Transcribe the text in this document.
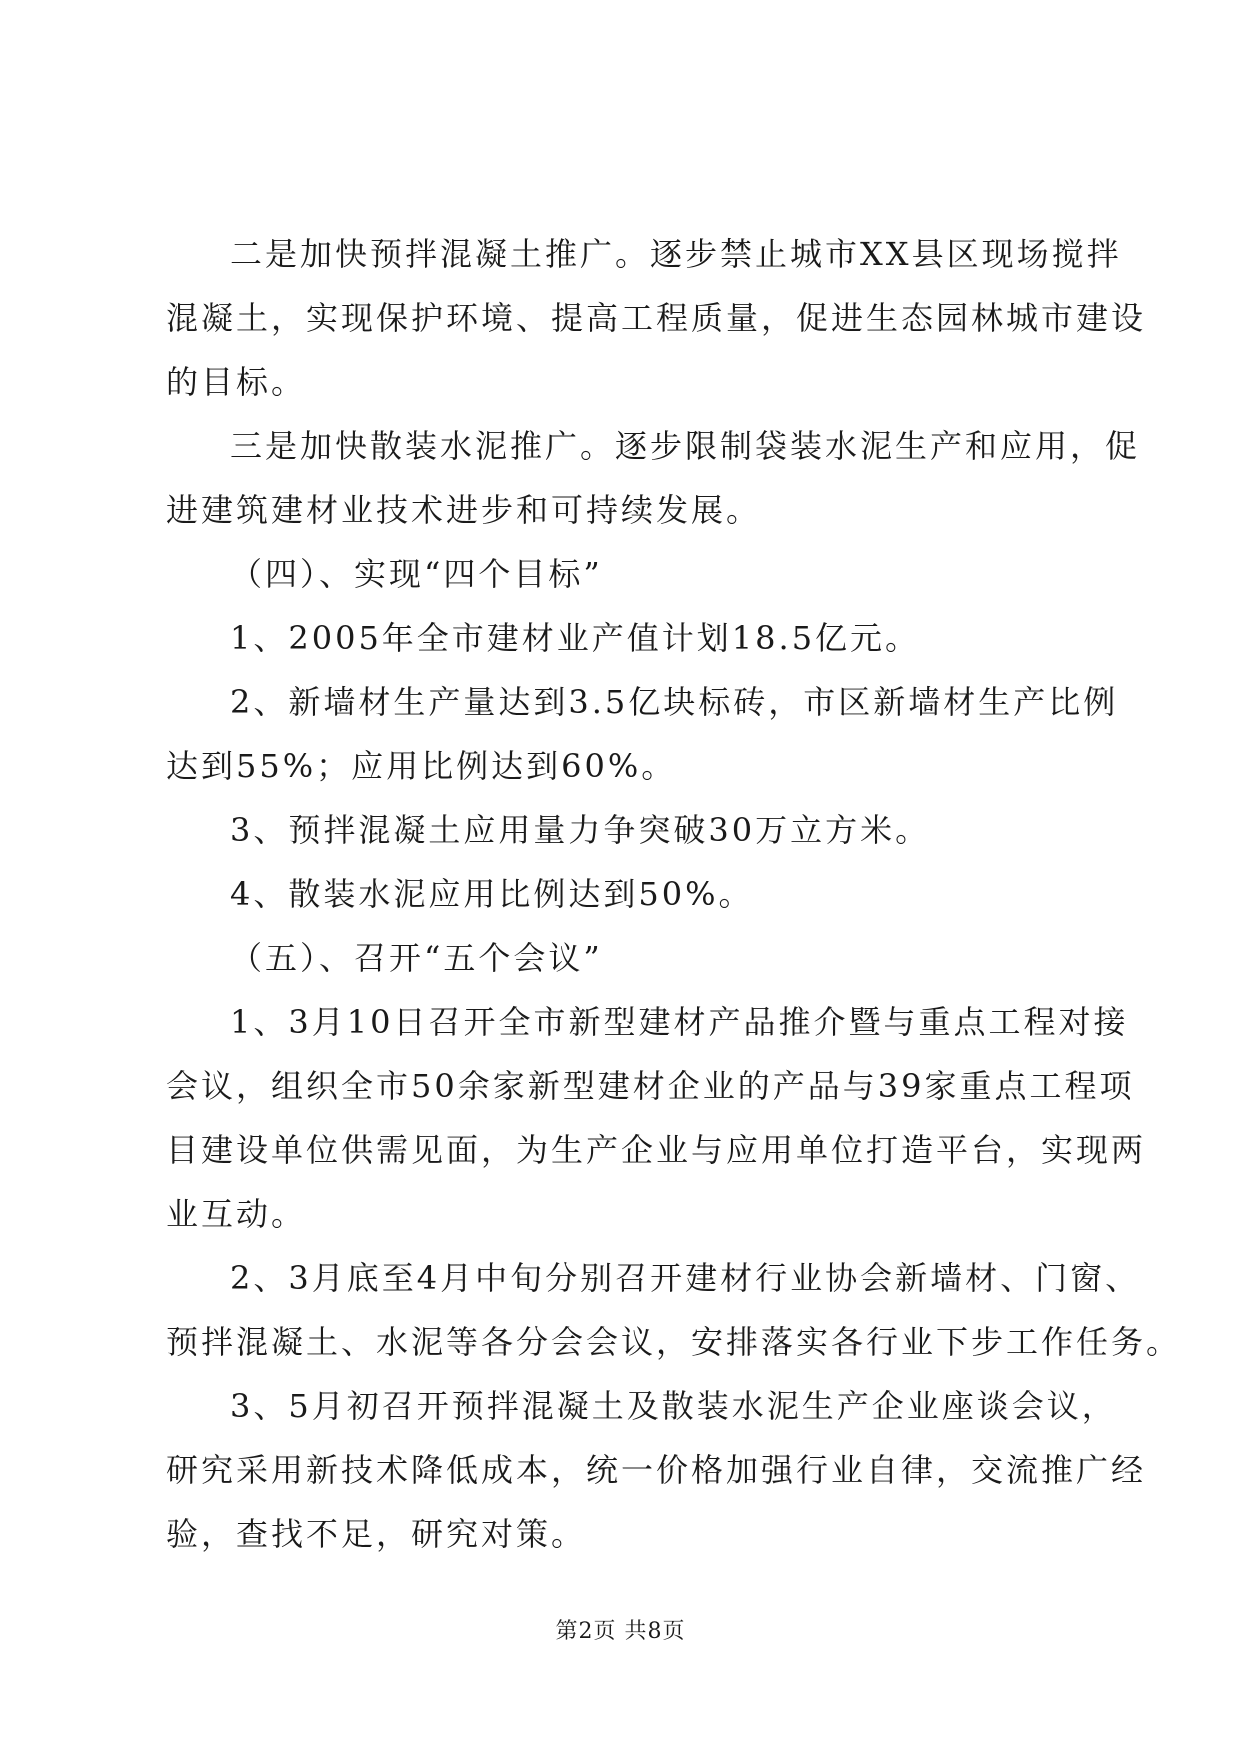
二是加快预拌混凝土推广。逐步禁止城市XX县区现场搅拌
混凝土，实现保护环境、提高工程质量，促进生态园林城市建设
的目标。
三是加快散装水泥推广。逐步限制袋装水泥生产和应用，促
进建筑建材业技术进步和可持续发展。
（四）、实现“四个目标”
1、2005年全市建材业产值计划18.5亿元。
2、新墙材生产量达到3.5亿块标砖，市区新墙材生产比例
达到55%；应用比例达到60%。
3、预拌混凝土应用量力争突破30万立方米。
4、散装水泥应用比例达到50%。
（五）、召开“五个会议”
1、3月10日召开全市新型建材产品推介暨与重点工程对接
会议，组织全市50余家新型建材企业的产品与39家重点工程项
目建设单位供需见面，为生产企业与应用单位打造平台，实现两
业互动。
2、3月底至4月中旬分别召开建材行业协会新墙材、门窗、
预拌混凝土、水泥等各分会会议，安排落实各行业下步工作任务。
3、5月初召开预拌混凝土及散装水泥生产企业座谈会议，
研究采用新技术降低成本，统一价格加强行业自律，交流推广经
验，查找不足，研究对策。
第2页 共8页
